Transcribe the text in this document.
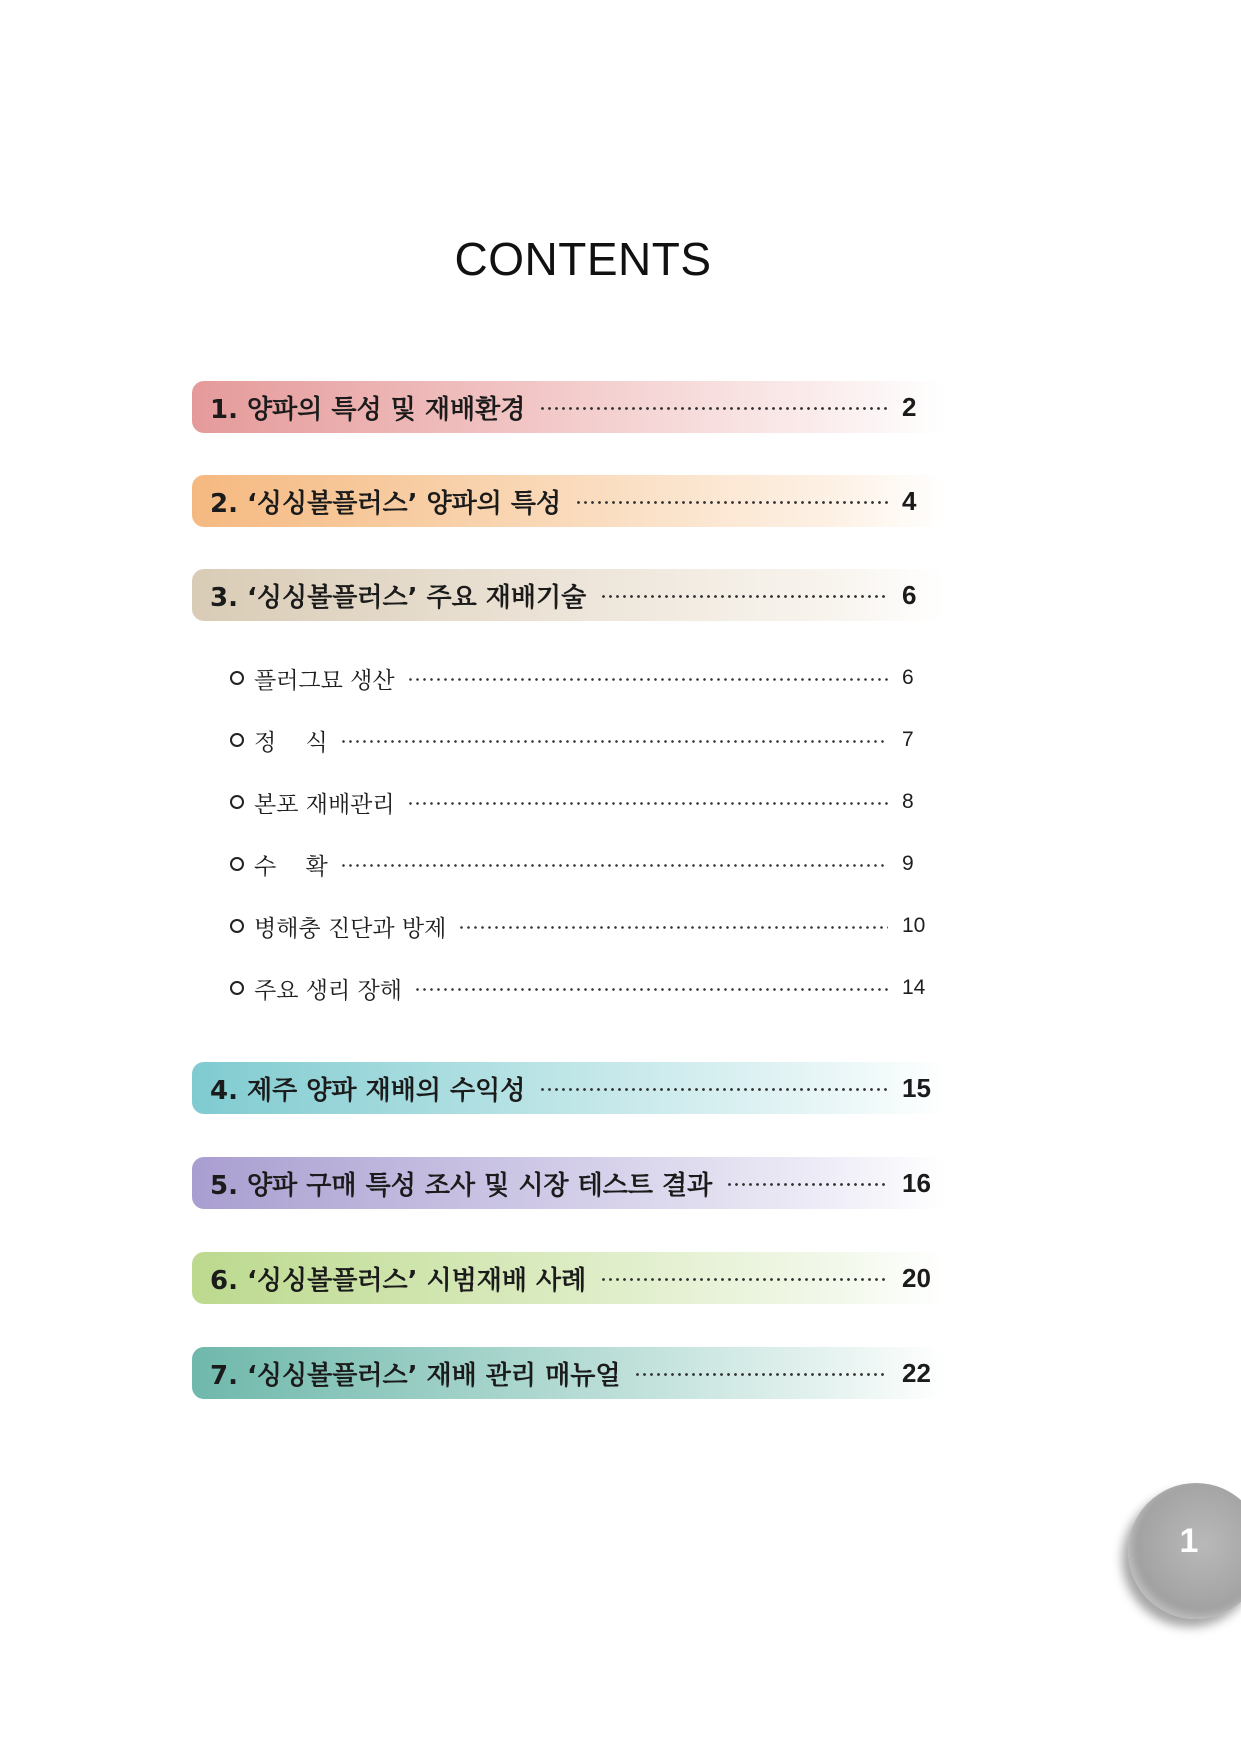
CONTENTS
1. 양파의 특성 및 재배환경	2
2. ‘싱싱볼플러스’ 양파의 특성	4
3. ‘싱싱볼플러스’ 주요 재배기술	6
플러그묘 생산	6
정    식	7
본포 재배관리	8
수    확	9
병해충 진단과 방제	10
주요 생리 장해	14
4. 제주 양파 재배의 수익성	15
5. 양파 구매 특성 조사 및 시장 테스트 결과	16
6. ‘싱싱볼플러스’ 시범재배 사례	20
7. ‘싱싱볼플러스’ 재배 관리 매뉴얼	22
1
